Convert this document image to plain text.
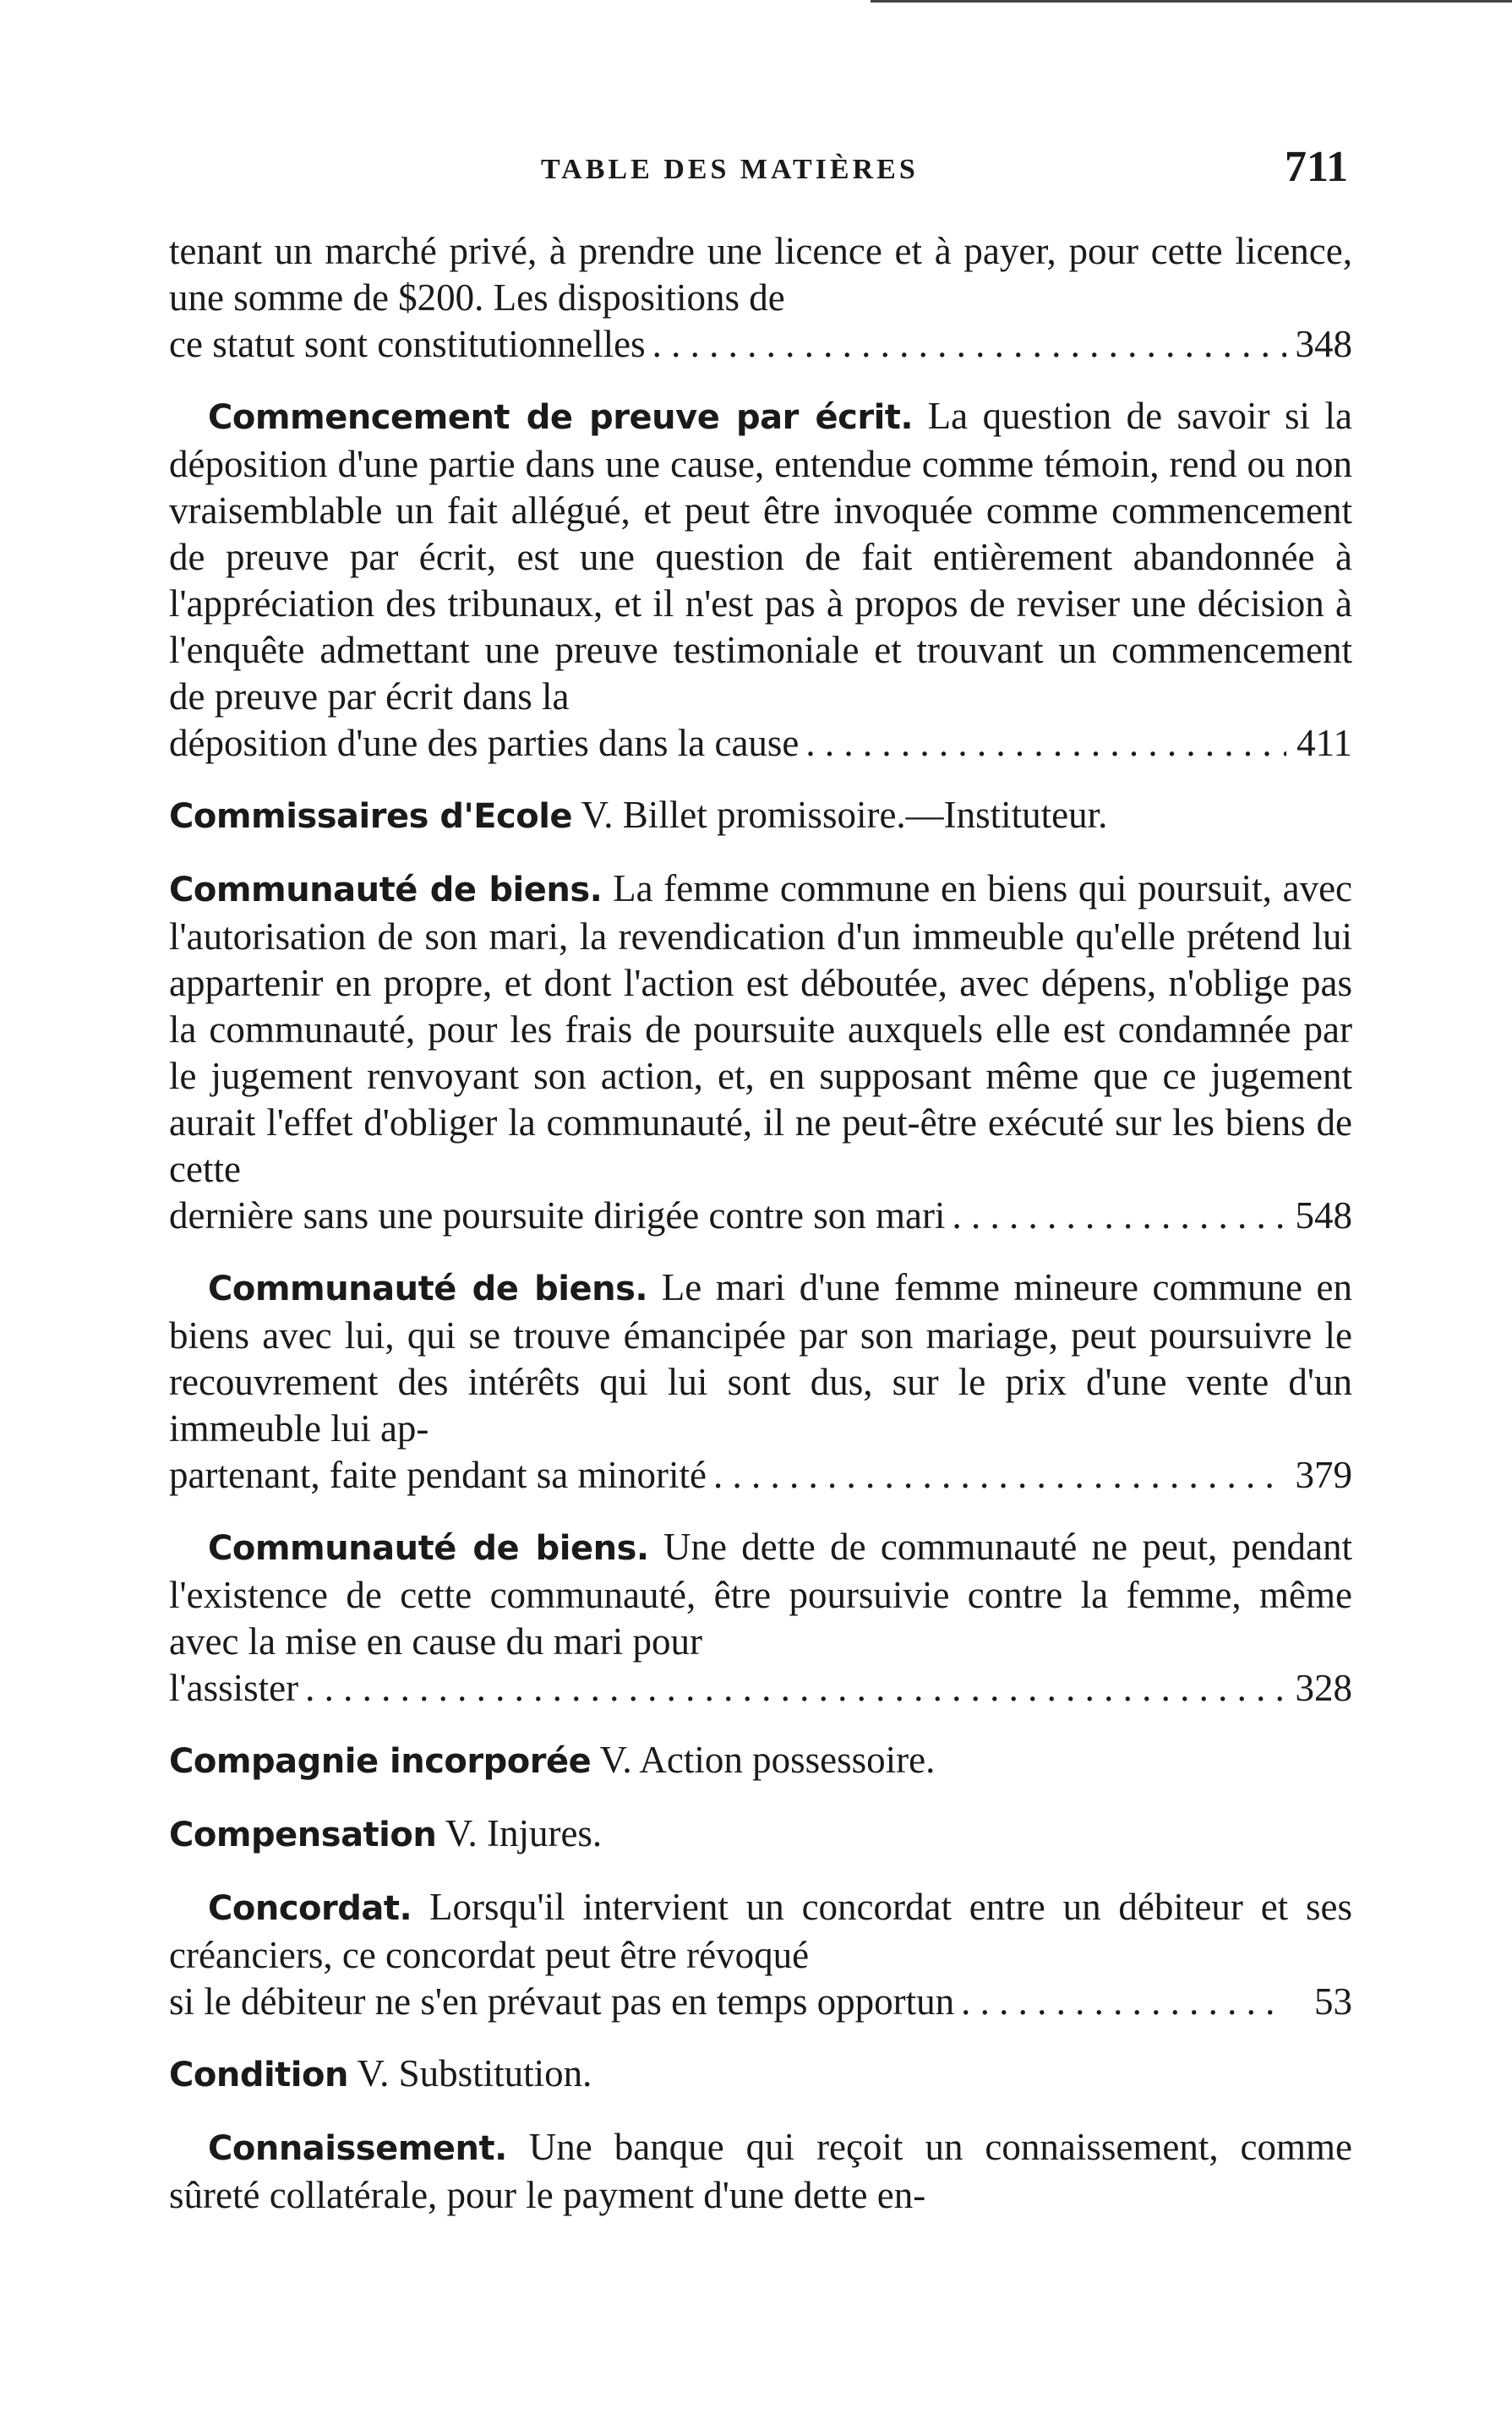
TABLE DES MATIÈRES	711
tenant un marché privé, à prendre une licence et à payer, pour cette licence, une somme de $200. Les dispositions de
ce statut sont constitutionnelles . . .	348
Commencement de preuve par écrit. La question de savoir si la déposition d'une partie dans une cause, entendue comme témoin, rend ou non vraisemblable un fait allégué, et peut être invoquée comme commencement de preuve par écrit, est une question de fait entièrement abandonnée à l'appréciation des tribunaux, et il n'est pas à propos de reviser une décision à l'enquête admettant une preuve testimoniale et trouvant un commencement de preuve par écrit dans la
déposition d'une des parties dans la cause . . .	411
Commissaires d'Ecole V. Billet promissoire.—Instituteur.
Communauté de biens. La femme commune en biens qui poursuit, avec l'autorisation de son mari, la revendication d'un immeuble qu'elle prétend lui appartenir en propre, et dont l'action est déboutée, avec dépens, n'oblige pas la communauté, pour les frais de poursuite auxquels elle est condamnée par le jugement renvoyant son action, et, en supposant même que ce jugement aurait l'effet d'obliger la communauté, il ne peut-être exécuté sur les biens de cette
dernière sans une poursuite dirigée contre son mari . . .	548
Communauté de biens. Le mari d'une femme mineure commune en biens avec lui, qui se trouve émancipée par son mariage, peut poursuivre le recouvrement des intérêts qui lui sont dus, sur le prix d'une vente d'un immeuble lui ap-
partenant, faite pendant sa minorité . . .	379
Communauté de biens. Une dette de communauté ne peut, pendant l'existence de cette communauté, être poursuivie contre la femme, même avec la mise en cause du mari pour
l'assister . . .	328
Compagnie incorporée V. Action possessoire.
Compensation V. Injures.
Concordat. Lorsqu'il intervient un concordat entre un débiteur et ses créanciers, ce concordat peut être révoqué
si le débiteur ne s'en prévaut pas en temps opportun . . .	53
Condition V. Substitution.
Connaissement. Une banque qui reçoit un connaissement, comme sûreté collatérale, pour le payment d'une dette en-
